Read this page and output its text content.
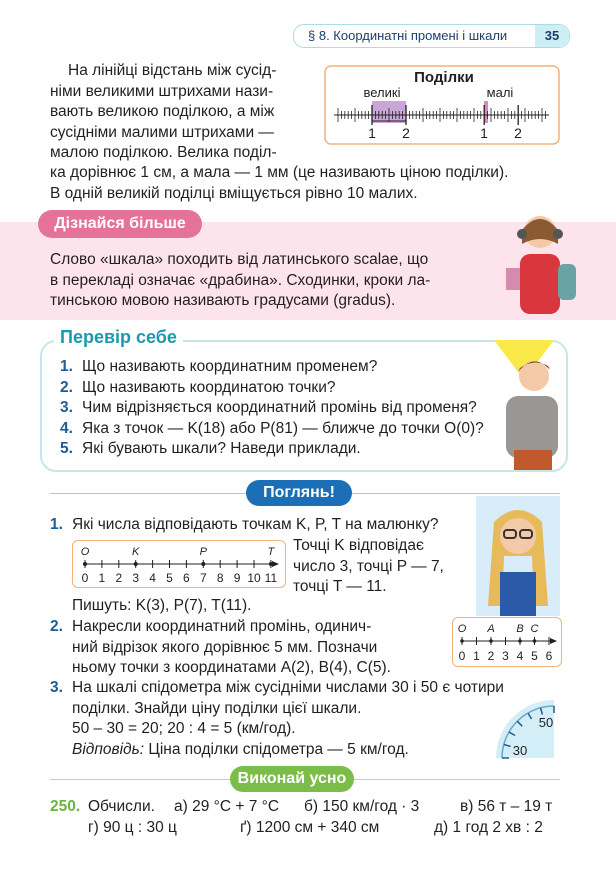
§ 8. Координатні промені і шкали	35
На лінійці відстань між сусід-
німи великими штрихами нази-
вають великою поділкою, а між
сусідніми малими штрихами —
малою поділкою. Велика поділ-
ка дорівнює 1 см, а мала — 1 мм (це називають ціною поділки).
В одній великій поділці вміщується рівно 10 малих.
Поділки
великі	малі
1 2	1 2
Дізнайся більше
Слово «шкала» походить від латинського scalae, що
в перекладі означає «драбина». Сходинки, кроки ла-
тинською мовою називають градусами (gradus).
Перевір себе
1. Що називають координатним променем?
2. Що називають координатою точки?
3. Чим відрізняється координатний промінь від променя?
4. Яка з точок — K(18) або P(81) — ближче до точки O(0)?
5. Які бувають шкали? Наведи приклади.
Поглянь!
1. Які числа відповідають точкам K, P, T на малюнку?
0 1 2 3 4 5 6 7 8 9 10 11
O	K	P	T Точці K відповідає
число 3, точці P — 7,
точці T — 11.
Пишуть: K(3), P(7), T(11).
2. Накресли координатний промінь, одинич-
ний відрізок якого дорівнює 5 мм. Позначи
ньому точки з координатами A(2), B(4), C(5).
0 1 2 3 4 5 6
O A B C
3. На шкалі спідометра між сусідніми числами 30 і 50 є чотири
поділки. Знайди ціну поділки цієї шкали.
50 – 30 = 20; 20 : 4 = 5 (км/год).
Відповідь: Ціна поділки спідометра — 5 км/год.	30
50
Виконай усно
250. Обчисли. а) 29 °С + 7 °С б) 150 км/год · 3	в) 56 т – 19 т
г) 90 ц : 30 ц	ґ) 1200 см + 340 см	д) 1 год 2 хв : 2
